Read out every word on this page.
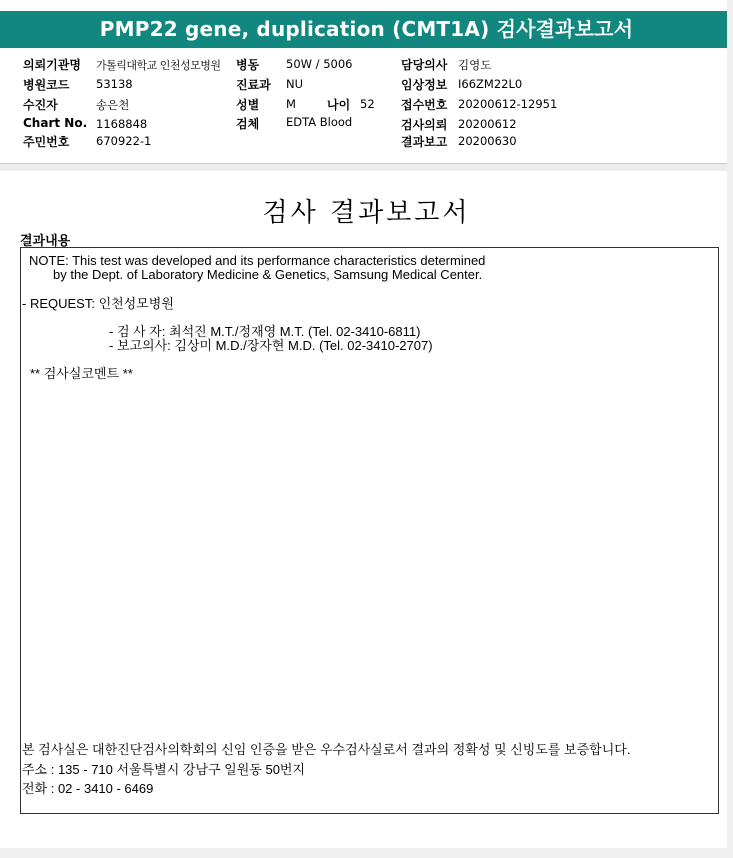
PMP22 gene, duplication (CMT1A) 검사결과보고서
의뢰기관명 가톨릭대학교 인천성모병원 병동 50W / 5006	담당의사 김영도
병원코드 53138	진료과 NU	임상정보 I66ZM22L0
수진자	송은천	성별 M	나이 52 접수번호 20200612-12951
Chart No. 1168848	검체 EDTA Blood	검사의뢰 20200612
주민번호 670922-1	결과보고 20200630
검사 결과보고서
결과내용
NOTE: This test was developed and its performance characteristics determined
by the Dept. of Laboratory Medicine & Genetics, Samsung Medical Center.
- REQUEST: 인천성모병원
- 검 사 자: 최석진 M.T./정재영 M.T. (Tel. 02-3410-6811)
- 보고의사: 김상미 M.D./장자현 M.D. (Tel. 02-3410-2707)
** 검사실코멘트 **
본 검사실은 대한진단검사의학회의 신임 인증을 받은 우수검사실로서 결과의 정확성 및 신빙도를 보증합니다.
주소 : 135 - 710 서울특별시 강남구 일원동 50번지
전화 : 02 - 3410 - 6469
